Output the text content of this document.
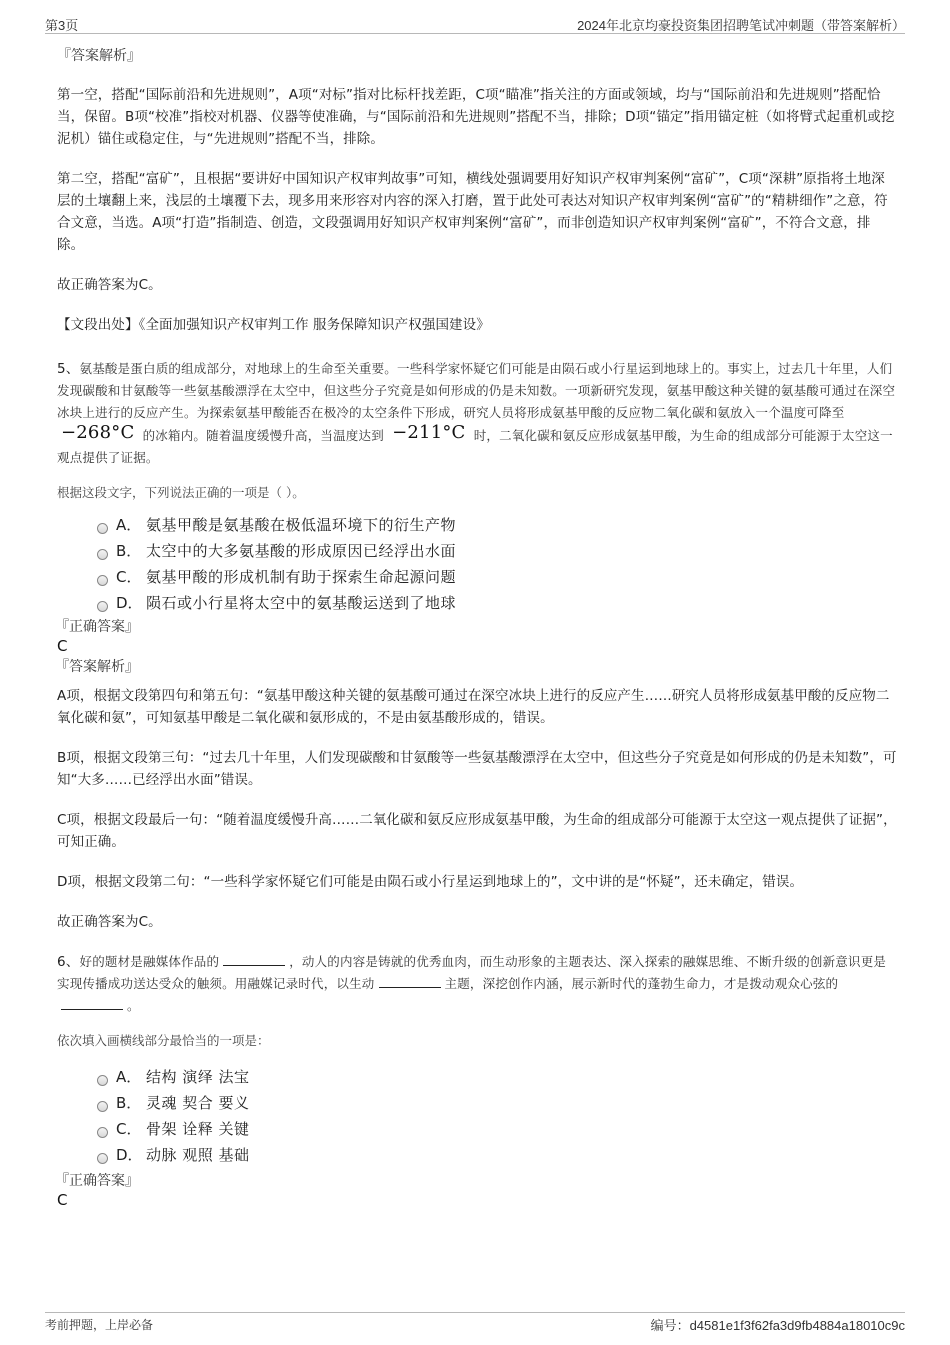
第3页	2024年北京均豪投资集团招聘笔试冲刺题（带答案解析）
『答案解析』

第一空，搭配“国际前沿和先进规则”，A项“对标”指对比标杆找差距，C项“瞄准”指关注的方面或领域，均与“国际前沿和先进规则”搭配恰当，保留。B项“校准”指校对机器、仪器等使准确，与“国际前沿和先进规则”搭配不当，排除；D项“锚定”指用锚定桩（如将臂式起重机或挖泥机）锚住或稳定住，与“先进规则”搭配不当，排除。

第二空，搭配“富矿”，且根据“要讲好中国知识产权审判故事”可知，横线处强调要用好知识产权审判案例“富矿”，C项“深耕”原指将土地深层的土壤翻上来，浅层的土壤覆下去，现多用来形容对内容的深入打磨，置于此处可表达对知识产权审判案例“富矿”的“精耕细作”之意，符合文意，当选。A项“打造”指制造、创造，文段强调用好知识产权审判案例“富矿”，而非创造知识产权审判案例“富矿”，不符合文意，排除。

故正确答案为C。

【文段出处】《全面加强知识产权审判工作 服务保障知识产权强国建设》

5、氨基酸是蛋白质的组成部分，对地球上的生命至关重要。一些科学家怀疑它们可能是由陨石或小行星运到地球上的。事实上，过去几十年里，人们发现碳酸和甘氨酸等一些氨基酸漂浮在太空中，但这些分子究竟是如何形成的仍是未知数。一项新研究发现，氨基甲酸这种关键的氨基酸可通过在深空冰块上进行的反应产生。为探索氨基甲酸能否在极冷的太空条件下形成，研究人员将形成氨基甲酸的反应物二氧化碳和氨放入一个温度可降至 −268°C 的冰箱内。随着温度缓慢升高，当温度达到 −211°C 时，二氧化碳和氨反应形成氨基甲酸，为生命的组成部分可能源于太空这一观点提供了证据。

根据这段文字，下列说法正确的一项是（ ）。

A． 氨基甲酸是氨基酸在极低温环境下的衍生产物
B． 太空中的大多氨基酸的形成原因已经浮出水面
C． 氨基甲酸的形成机制有助于探索生命起源问题
D． 陨石或小行星将太空中的氨基酸运送到了地球
『正确答案』
C
『答案解析』

A项，根据文段第四句和第五句：“氨基甲酸这种关键的氨基酸可通过在深空冰块上进行的反应产生……研究人员将形成氨基甲酸的反应物二氧化碳和氨”，可知氨基甲酸是二氧化碳和氨形成的，不是由氨基酸形成的，错误。

B项，根据文段第三句：“过去几十年里，人们发现碳酸和甘氨酸等一些氨基酸漂浮在太空中，但这些分子究竟是如何形成的仍是未知数”，可知“大多……已经浮出水面”错误。

C项，根据文段最后一句：“随着温度缓慢升高……二氧化碳和氨反应形成氨基甲酸，为生命的组成部分可能源于太空这一观点提供了证据”，可知正确。

D项，根据文段第二句：“一些科学家怀疑它们可能是由陨石或小行星运到地球上的”，文中讲的是“怀疑”，还未确定，错误。

故正确答案为C。

6、好的题材是融媒体作品的	，动人的内容是铸就的优秀血肉，而生动形象的主题表达、深入探索的融媒思维、不断升级的创新意识更是实现传播成功送达受众的触须。用融媒记录时代，以生动	主题，深挖创作内涵，展示新时代的蓬勃生命力，才是拨动观众心弦的。

依次填入画横线部分最恰当的一项是：

A． 结构 演绎 法宝
B． 灵魂 契合 要义
C． 骨架 诠释 关键
D． 动脉 观照 基础
『正确答案』
C
考前押题，上岸必备	编号：d4581e1f3f62fa3d9fb4884a18010c9c
